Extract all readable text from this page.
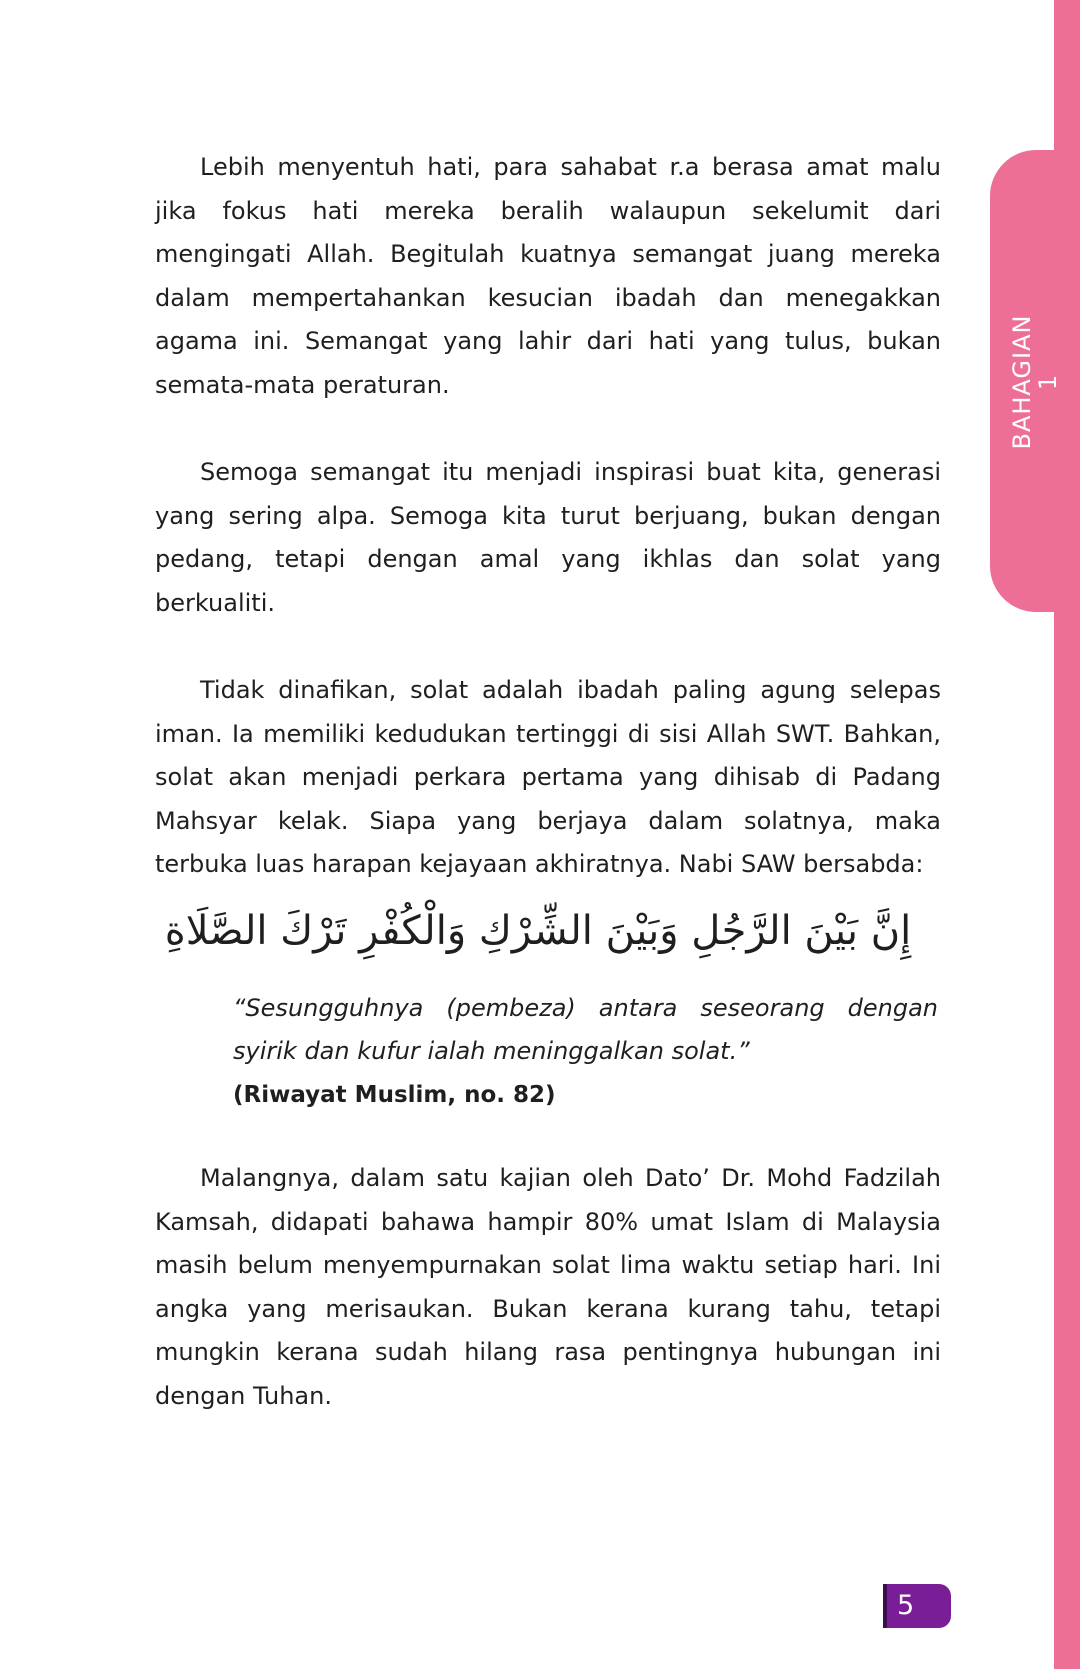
BAHAGIAN
1

Lebih menyentuh hati, para sahabat r.a berasa amat malu jika fokus hati mereka beralih walaupun sekelumit dari mengingati Allah. Begitulah kuatnya semangat juang mereka dalam mempertahankan kesucian ibadah dan menegakkan agama ini. Semangat yang lahir dari hati yang tulus, bukan semata-mata peraturan.

Semoga semangat itu menjadi inspirasi buat kita, generasi yang sering alpa. Semoga kita turut berjuang, bukan dengan pedang, tetapi dengan amal yang ikhlas dan solat yang berkualiti.

Tidak dinafikan, solat adalah ibadah paling agung selepas iman. Ia memiliki kedudukan tertinggi di sisi Allah SWT. Bahkan, solat akan menjadi perkara pertama yang dihisab di Padang Mahsyar kelak. Siapa yang berjaya dalam solatnya, maka terbuka luas harapan kejayaan akhiratnya. Nabi SAW bersabda:

إِنَّ بَيْنَ الرَّجُلِ وَبَيْنَ الشِّرْكِ وَالْكُفْرِ تَرْكَ الصَّلَاةِ

“Sesungguhnya (pembeza) antara seseorang dengan syirik dan kufur ialah meninggalkan solat.”

(Riwayat Muslim, no. 82)

Malangnya, dalam satu kajian oleh Dato’ Dr. Mohd Fadzilah Kamsah, didapati bahawa hampir 80% umat Islam di Malaysia masih belum menyempurnakan solat lima waktu setiap hari. Ini angka yang merisaukan. Bukan kerana kurang tahu, tetapi mungkin kerana sudah hilang rasa pentingnya hubungan ini dengan Tuhan.

5
